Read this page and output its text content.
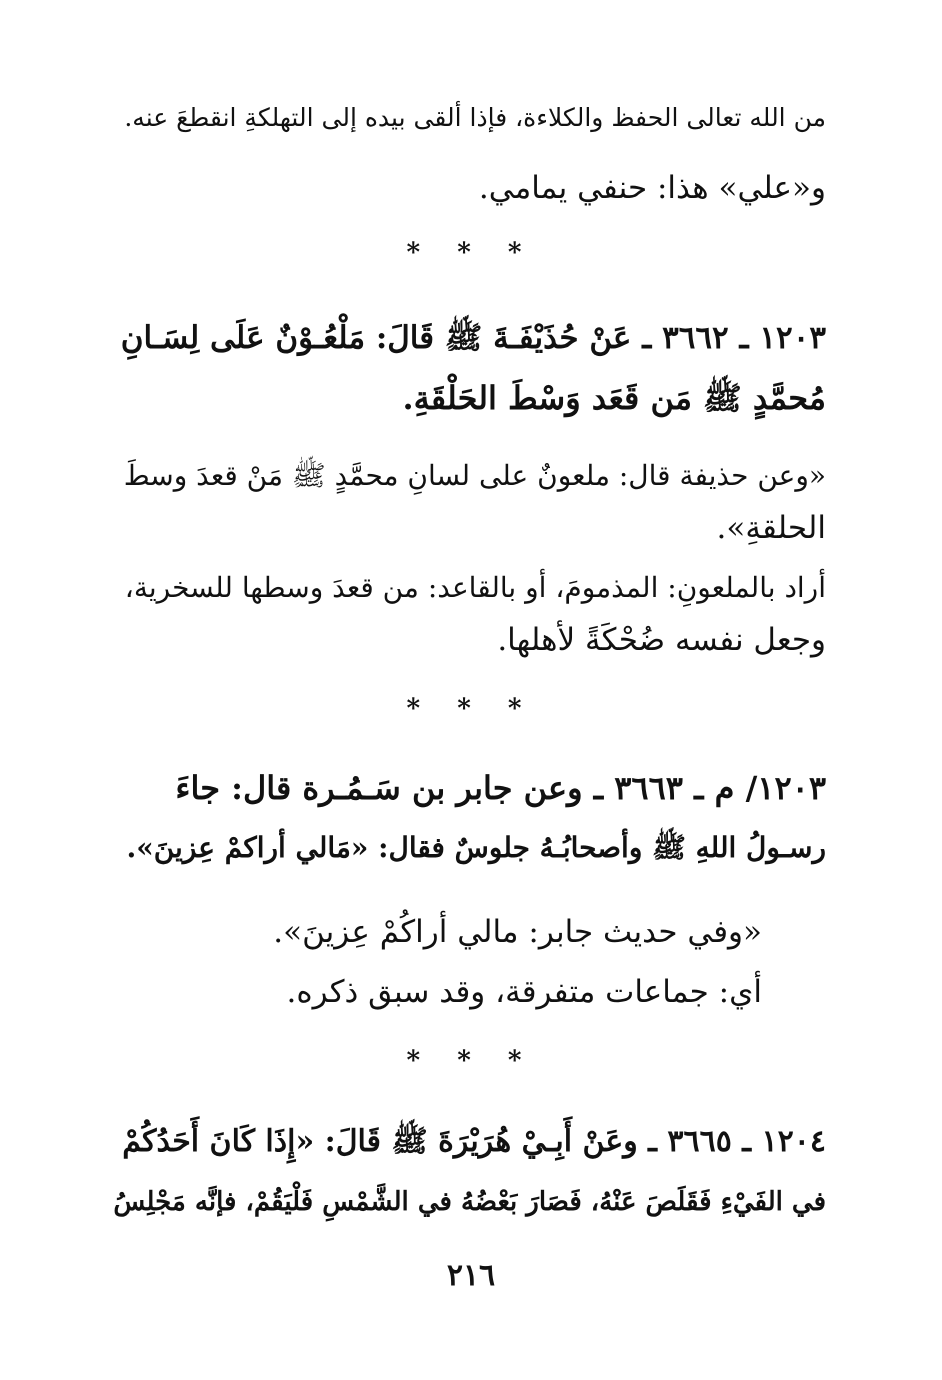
من الله تعالى الحفظ والكلاءة، فإذا ألقى بيده إلى التهلكةِ انقطعَ عنه.
و«علي» هذا: حنفي يمامي.
* * *
١٢٠٣ ـ ٣٦٦٢ ـ عَنْ حُذَيْفَـةَ ﷺ قَالَ: مَلْعُـوْنٌ عَلَى لِسَـانِ
مُحمَّدٍ ﷺ مَن قَعَد وَسْطَ الحَلْقَةِ.
«وعن حذيفة قال: ملعونٌ على لسانِ محمَّدٍ ﷺ مَنْ قعدَ وسطَ
الحلقةِ».
أراد بالملعونِ: المذمومَ، أو بالقاعد: من قعدَ وسطها للسخرية،
وجعل نفسه ضُحْكَةً لأهلها.
* * *
١٢٠٣/ م ـ ٣٦٦٣ ـ وعن جابر بن سَـمُـرة قال: جاءَ
رسـولُ اللهِ ﷺ وأصحابُـهُ جلوسٌ فقال: «مَالي أراكمْ عِزينَ».
«وفي حديث جابر: مالي أراكُمْ عِزينَ».
أي: جماعات متفرقة، وقد سبق ذكره.
* * *
١٢٠٤ ـ ٣٦٦٥ ـ وعَنْ أَبِـيْ هُرَيْرَةَ ﷺ قَالَ: «إِذَا كَانَ أَحَدُكُمْ
في الفَيْءِ فَقَلَصَ عَنْهُ، فَصَارَ بَعْضُهُ في الشَّمْسِ فَلْيَقُمْ، فإنَّه مَجْلِسُ
٢١٦
